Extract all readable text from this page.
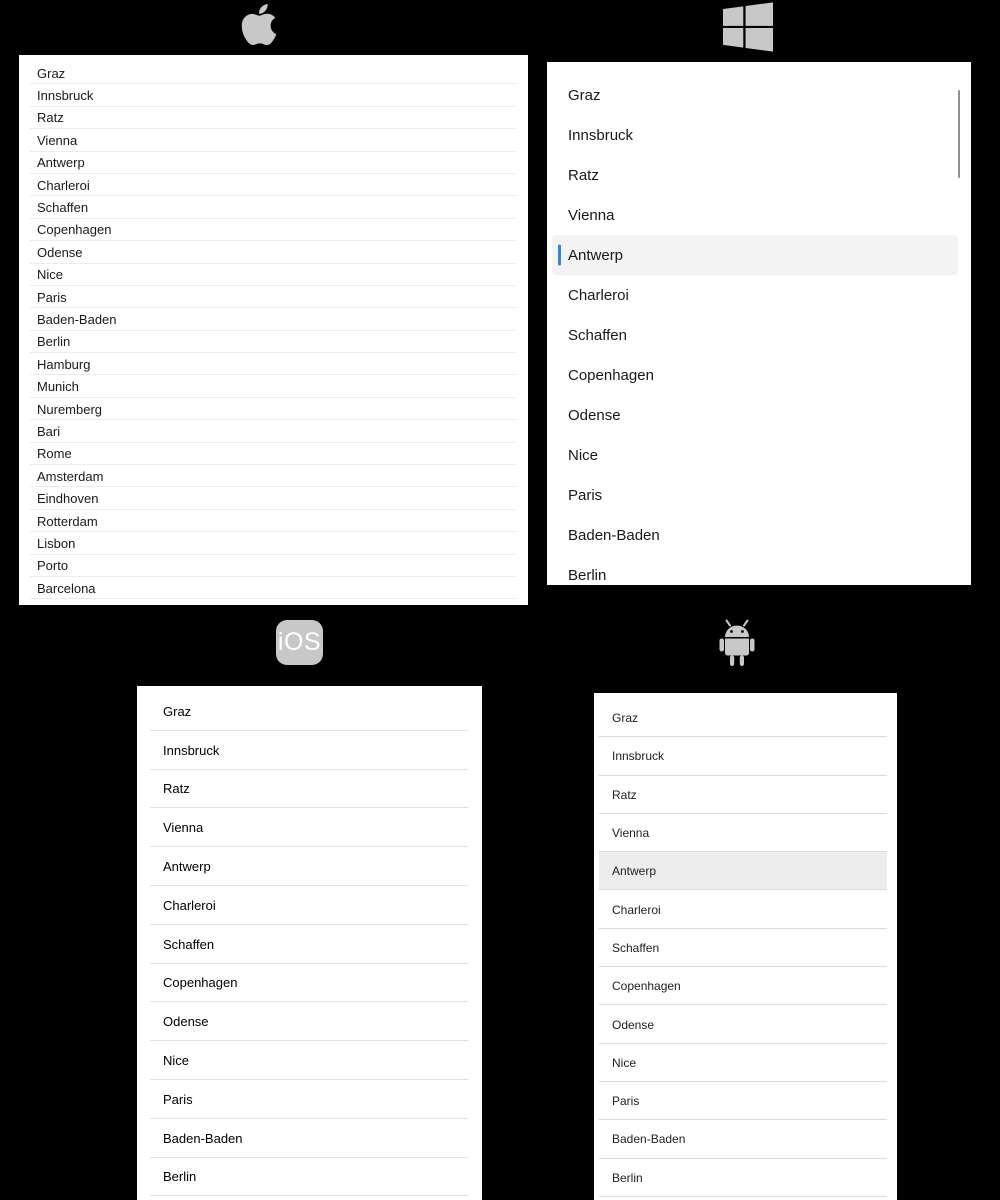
iOS
Graz
Innsbruck
Ratz
Vienna
Antwerp
Charleroi
Schaffen
Copenhagen
Odense
Nice
Paris
Baden-Baden
Berlin
Hamburg
Munich
Nuremberg
Bari
Rome
Amsterdam
Eindhoven
Rotterdam
Lisbon
Porto
Barcelona
Graz
Innsbruck
Ratz
Vienna
Antwerp
Charleroi
Schaffen
Copenhagen
Odense
Nice
Paris
Baden-Baden
Berlin
Graz
Innsbruck
Ratz
Vienna
Antwerp
Charleroi
Schaffen
Copenhagen
Odense
Nice
Paris
Baden-Baden
Berlin
Graz
Innsbruck
Ratz
Vienna
Antwerp
Charleroi
Schaffen
Copenhagen
Odense
Nice
Paris
Baden-Baden
Berlin
